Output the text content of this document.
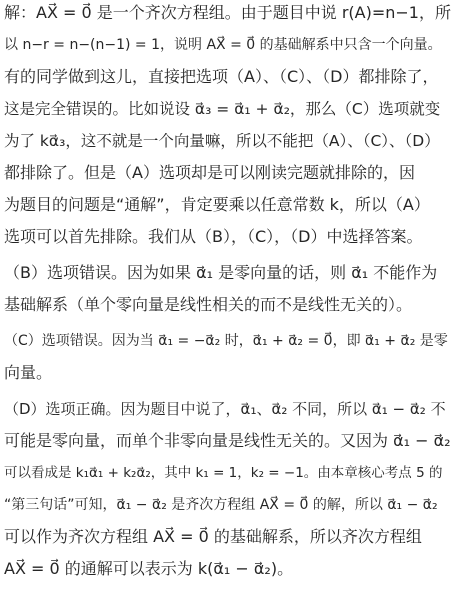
解：AX⃗ = 0⃗ 是一个齐次方程组。由于题目中说 r(A)=n−1，所
以 n−r = n−(n−1) = 1，说明 AX⃗ = 0⃗ 的基础解系中只含一个向量。
有的同学做到这儿，直接把选项（A）、（C）、（D）都排除了，
这是完全错误的。比如说设 α⃗₃ = α⃗₁ + α⃗₂，那么（C）选项就变
为了 kα⃗₃，这不就是一个向量嘛，所以不能把（A）、（C）、（D）
都排除了。但是（A）选项却是可以刚读完题就排除的，因
为题目的问题是“通解”，肯定要乘以任意常数 k，所以（A）
选项可以首先排除。我们从（B），（C），（D）中选择答案。
（B）选项错误。因为如果 α⃗₁ 是零向量的话，则 α⃗₁ 不能作为
基础解系（单个零向量是线性相关的而不是线性无关的）。
（C）选项错误。因为当 α⃗₁ = −α⃗₂ 时，α⃗₁ + α⃗₂ = 0⃗，即 α⃗₁ + α⃗₂ 是零
向量。
（D）选项正确。因为题目中说了，α⃗₁、α⃗₂ 不同，所以 α⃗₁ − α⃗₂ 不
可能是零向量，而单个非零向量是线性无关的。又因为 α⃗₁ − α⃗₂
可以看成是 k₁α⃗₁ + k₂α⃗₂，其中 k₁ = 1，k₂ = −1。由本章核心考点 5 的
“第三句话”可知，α⃗₁ − α⃗₂ 是齐次方程组 AX⃗ = 0⃗ 的解，所以 α⃗₁ − α⃗₂
可以作为齐次方程组 AX⃗ = 0⃗ 的基础解系，所以齐次方程组
AX⃗ = 0⃗ 的通解可以表示为 k(α⃗₁ − α⃗₂)。
